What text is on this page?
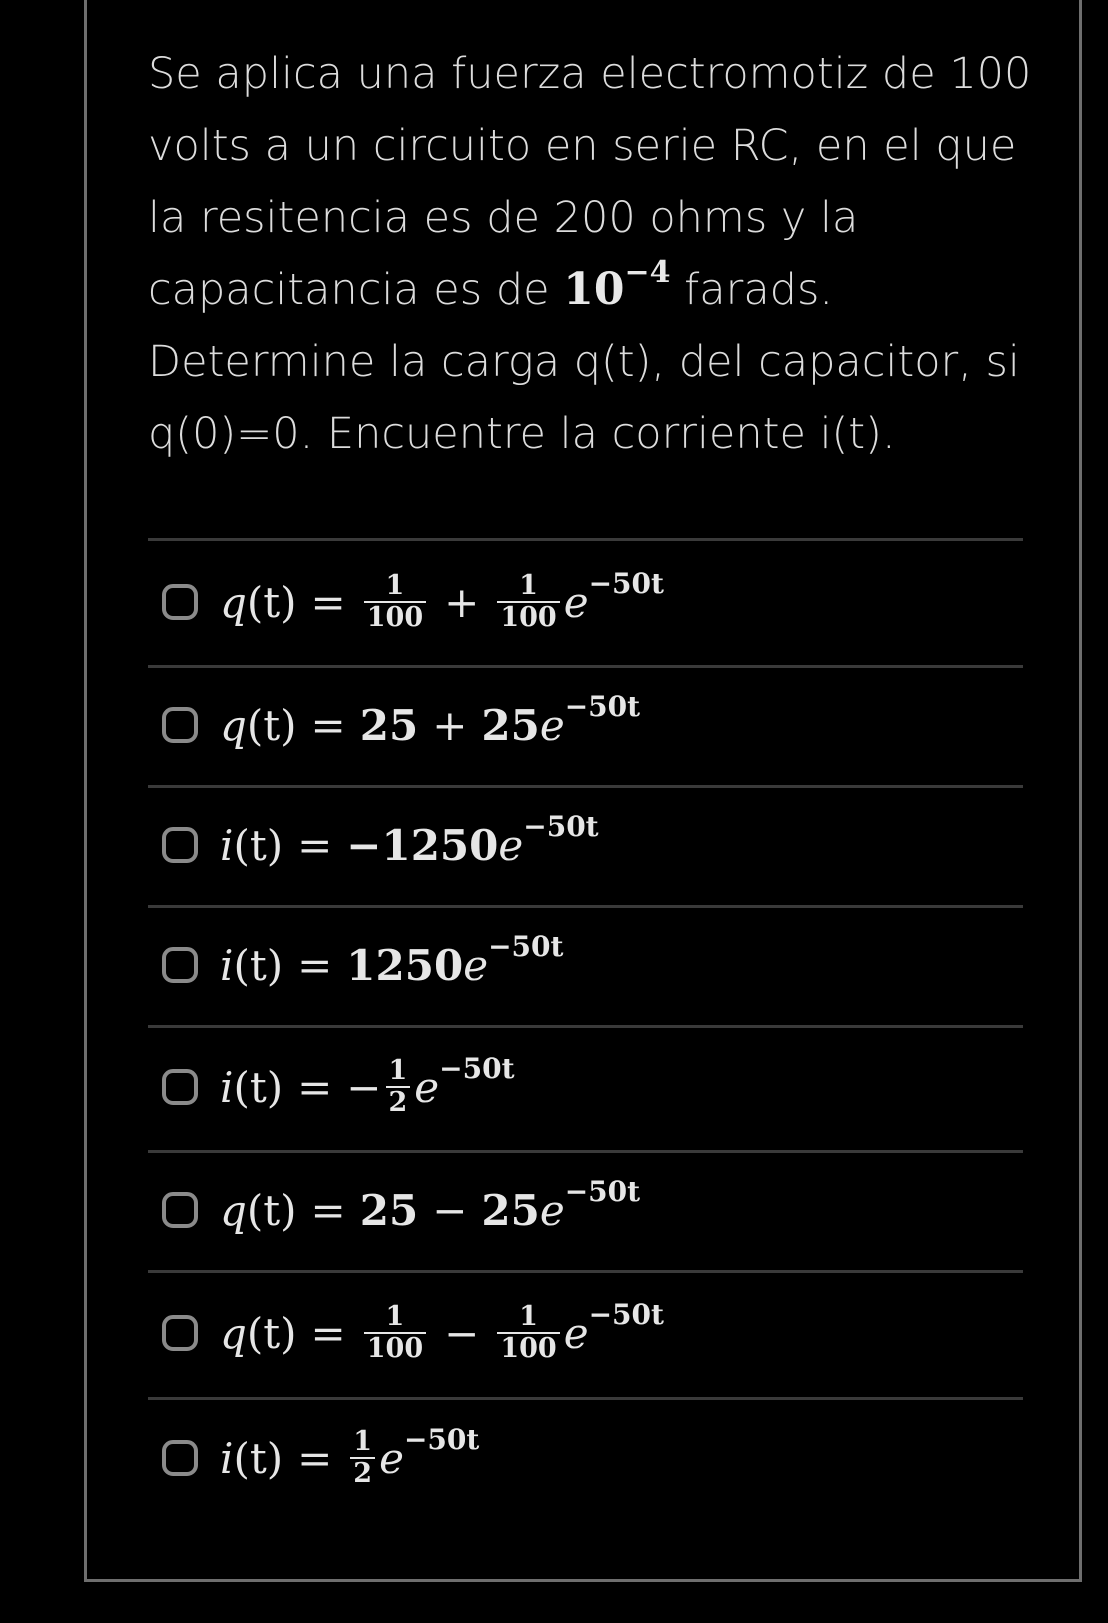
Se aplica una fuerza electromotiz de 100
volts a un circuito en serie RC, en el que
la resitencia es de 200 ohms y la
capacitancia es de $10^{-4}$ farads.
Determine la carga q(t), del capacitor, si
q(0)=0. Encuentre la corriente i(t).
q $(t) = \frac{1}{100} + \frac{1}{100} e^{-50t}$
q (t) = 25 + 25 $e^{-50t}$
i (t) = −1250 $e^{-50t}$
i (t) = 1250 $e^{-50t}$
i (t) = − $\frac{1}{2} e^{-50t}$
q (t) = 25 − 25 $e^{-50t}$
q $(t) = \frac{1}{100} - \frac{1}{100} e^{-50t}$
i $(t) = \frac{1}{2} e^{-50t}$
